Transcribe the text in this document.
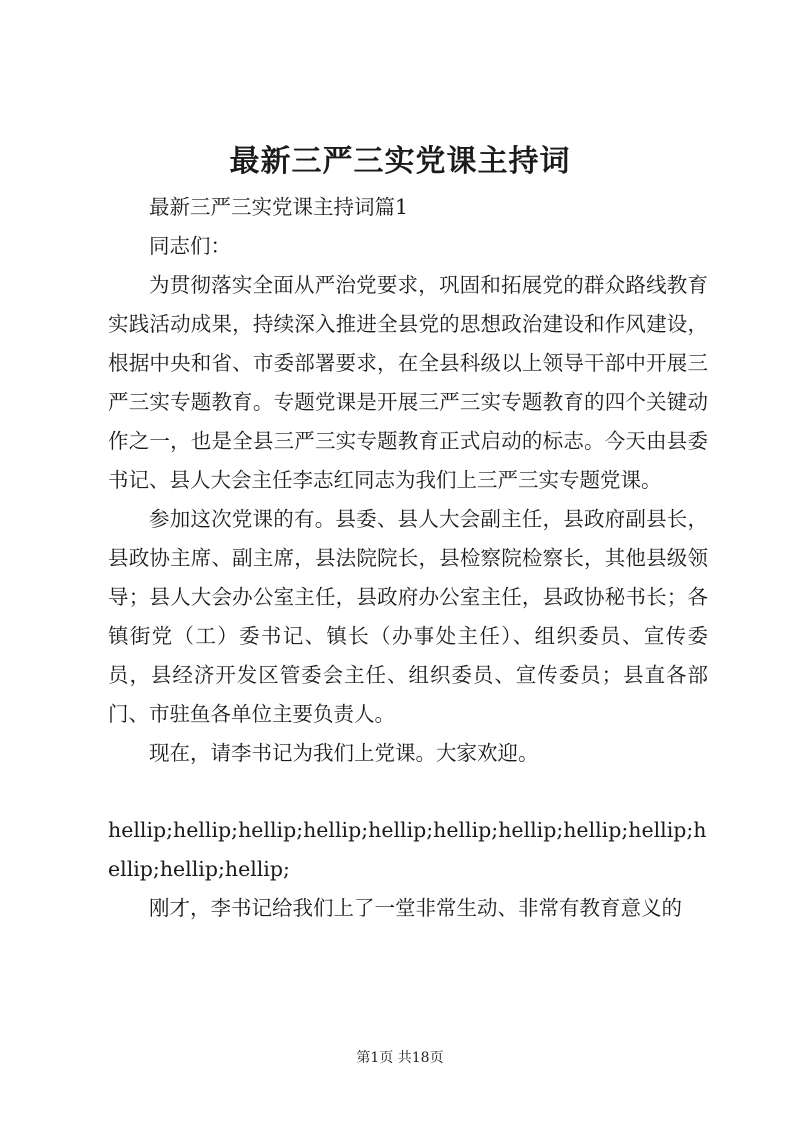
最新三严三实党课主持词

最新三严三实党课主持词篇1

同志们：

为贯彻落实全面从严治党要求，巩固和拓展党的群众路线教育实践活动成果，持续深入推进全县党的思想政治建设和作风建设，根据中央和省、市委部署要求，在全县科级以上领导干部中开展三严三实专题教育。专题党课是开展三严三实专题教育的四个关键动作之一，也是全县三严三实专题教育正式启动的标志。今天由县委书记、县人大会主任李志红同志为我们上三严三实专题党课。

参加这次党课的有。县委、县人大会副主任，县政府副县长，县政协主席、副主席，县法院院长，县检察院检察长，其他县级领导；县人大会办公室主任，县政府办公室主任，县政协秘书长；各镇街党（工）委书记、镇长（办事处主任）、组织委员、宣传委员，县经济开发区管委会主任、组织委员、宣传委员；县直各部门、市驻鱼各单位主要负责人。

现在，请李书记为我们上党课。大家欢迎。

hellip;hellip;hellip;hellip;hellip;hellip;hellip;hellip;hellip;hellip;hellip;hellip;

刚才，李书记给我们上了一堂非常生动、非常有教育意义的

第1页 共18页
